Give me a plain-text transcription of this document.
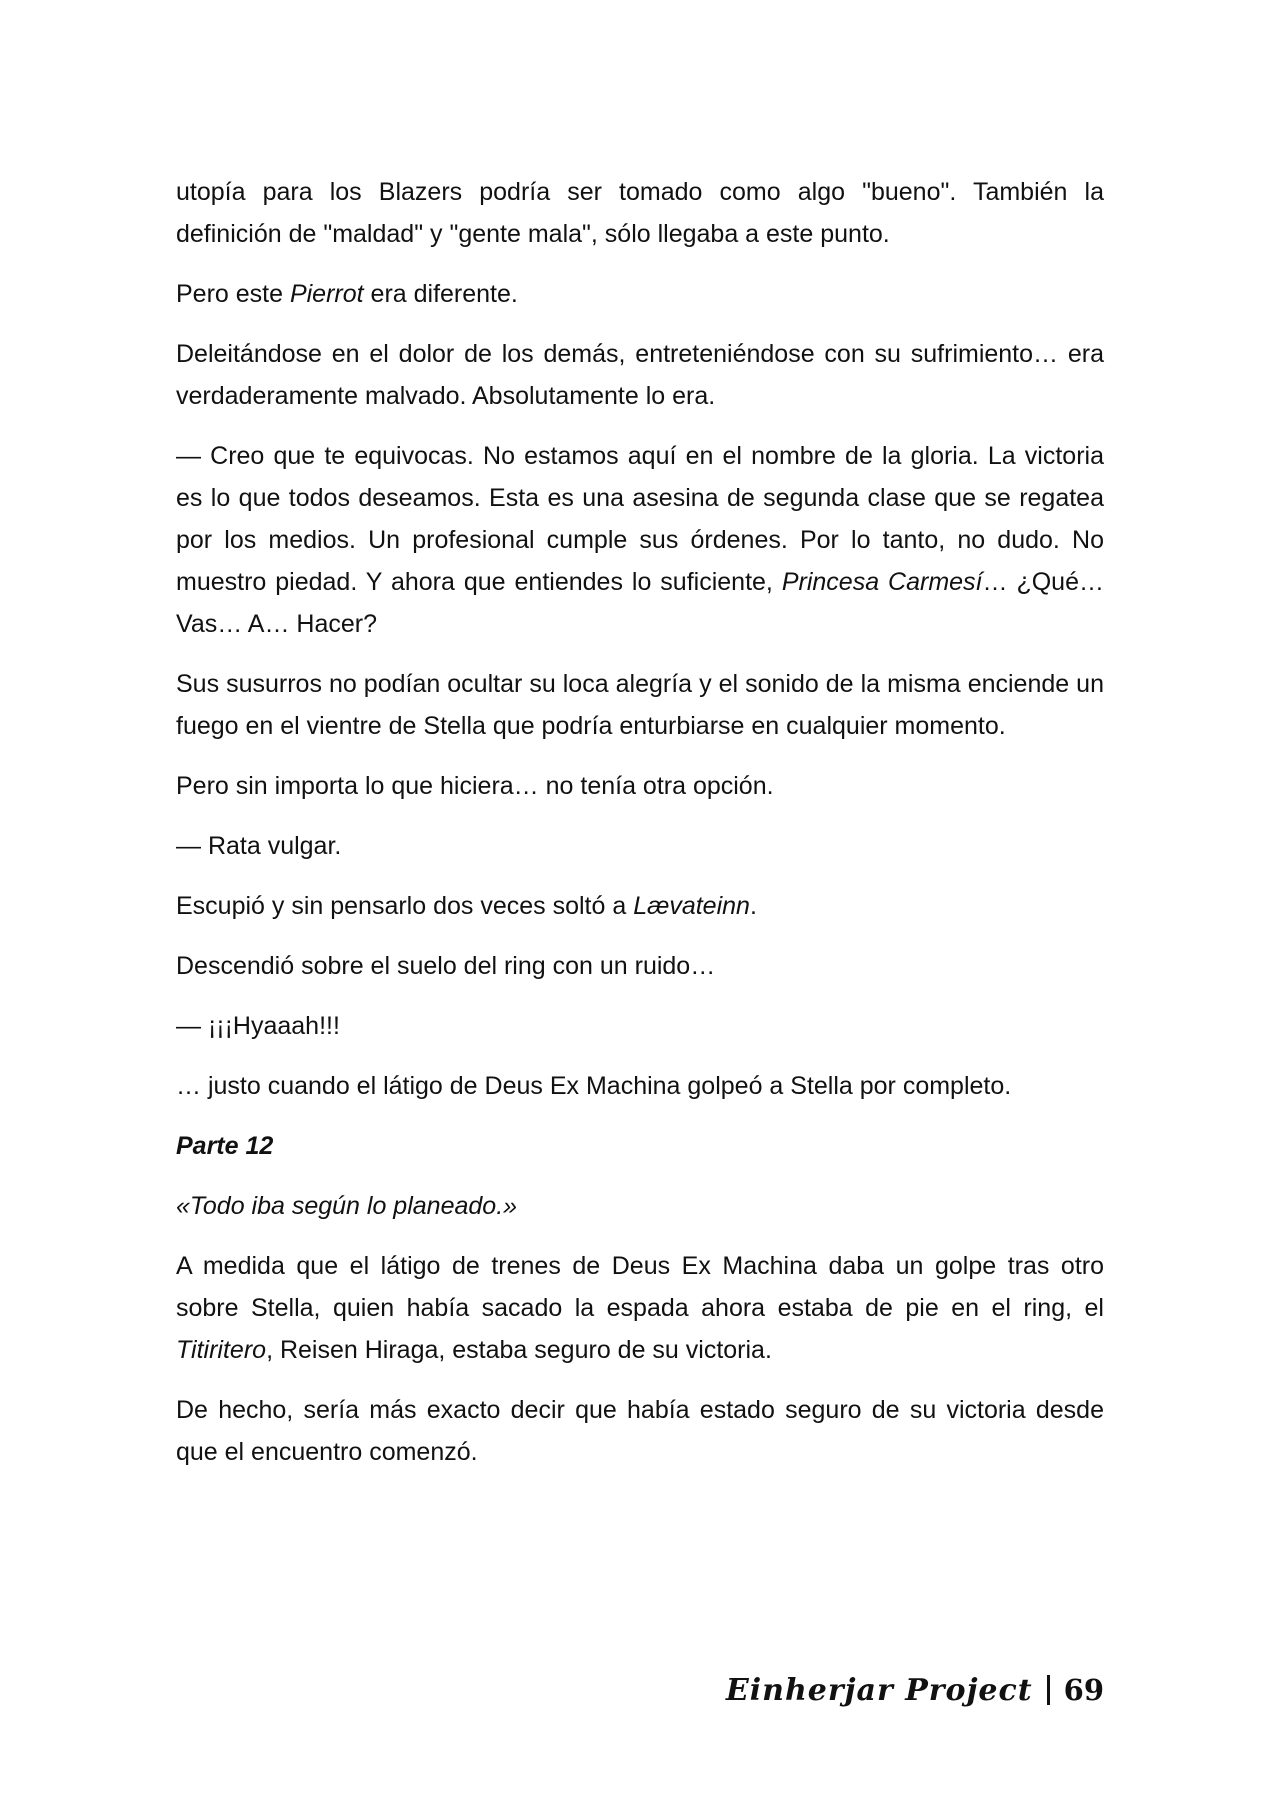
utopía para los Blazers podría ser tomado como algo "bueno". También la definición de "maldad" y "gente mala", sólo llegaba a este punto.

Pero este Pierrot era diferente.

Deleitándose en el dolor de los demás, entreteniéndose con su sufrimiento… era verdaderamente malvado. Absolutamente lo era.

— Creo que te equivocas. No estamos aquí en el nombre de la gloria. La victoria es lo que todos deseamos. Esta es una asesina de segunda clase que se regatea por los medios. Un profesional cumple sus órdenes. Por lo tanto, no dudo. No muestro piedad. Y ahora que entiendes lo suficiente, Princesa Carmesí… ¿Qué… Vas… A… Hacer?

Sus susurros no podían ocultar su loca alegría y el sonido de la misma enciende un fuego en el vientre de Stella que podría enturbiarse en cualquier momento.

Pero sin importa lo que hiciera… no tenía otra opción.

— Rata vulgar.

Escupió y sin pensarlo dos veces soltó a Lævateinn.

Descendió sobre el suelo del ring con un ruido…

— ¡¡¡Hyaaah!!!

… justo cuando el látigo de Deus Ex Machina golpeó a Stella por completo.

Parte 12

«Todo iba según lo planeado.»

A medida que el látigo de trenes de Deus Ex Machina daba un golpe tras otro sobre Stella, quien había sacado la espada ahora estaba de pie en el ring, el Titiritero, Reisen Hiraga, estaba seguro de su victoria.

De hecho, sería más exacto decir que había estado seguro de su victoria desde que el encuentro comenzó.

Einherjar Project 69
